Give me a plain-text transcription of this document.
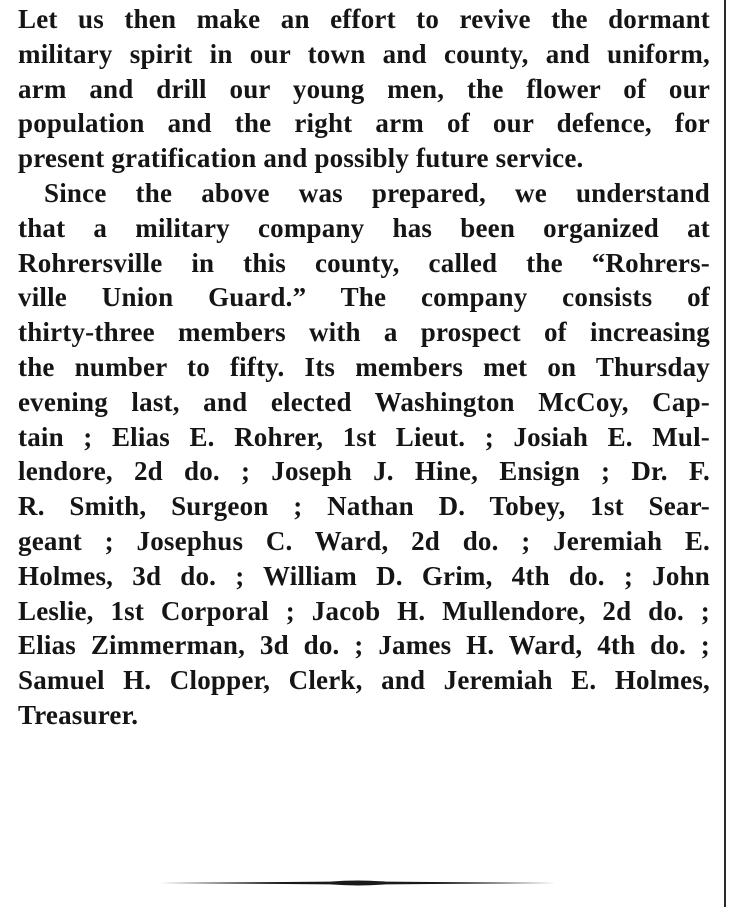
Let us then make an effort to revive the dormant
military spirit in our town and county, and uniform,
arm and drill our young men, the flower of our
population and the right arm of our defence, for
present gratification and possibly future service.
Since the above was prepared, we understand
that a military company has been organized at
Rohrersville in this county, called the “Rohrers-
ville Union Guard.” The company consists of
thirty-three members with a prospect of increasing
the number to fifty. Its members met on Thursday
evening last, and elected Washington McCoy, Cap-
tain ; Elias E. Rohrer, 1st Lieut. ; Josiah E. Mul-
lendore, 2d do. ; Joseph J. Hine, Ensign ; Dr. F.
R. Smith, Surgeon ; Nathan D. Tobey, 1st Sear-
geant ; Josephus C. Ward, 2d do. ; Jeremiah E.
Holmes, 3d do. ; William D. Grim, 4th do. ; John
Leslie, 1st Corporal ; Jacob H. Mullendore, 2d do. ;
Elias Zimmerman, 3d do. ; James H. Ward, 4th do. ;
Samuel H. Clopper, Clerk, and Jeremiah E. Holmes,
Treasurer.
